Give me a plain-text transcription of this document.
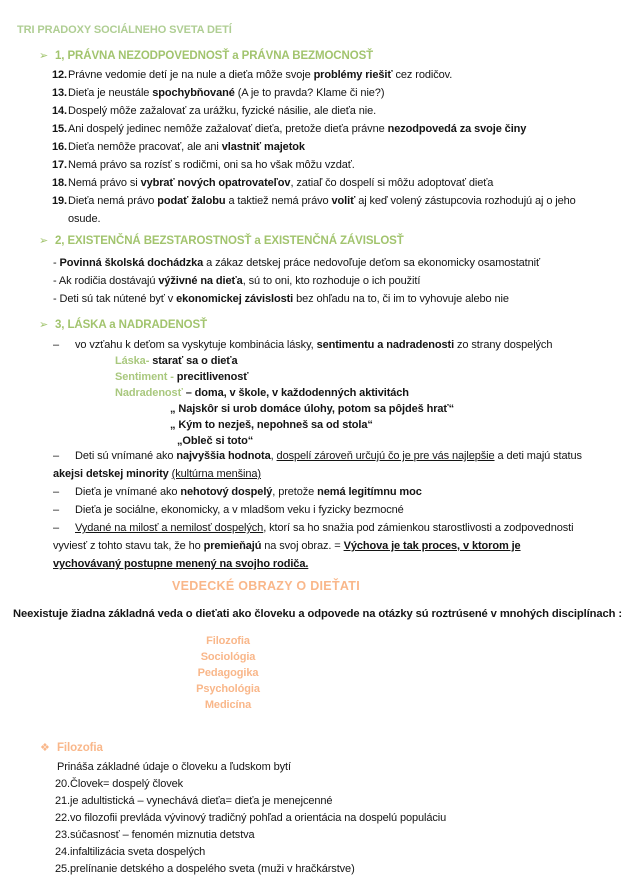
TRI PRADOXY SOCIÁLNEHO SVETA DETÍ
➢ 1, PRÁVNA NEZODPOVEDNOSŤ a PRÁVNA BEZMOCNOSŤ
12.Právne vedomie detí je na nule a dieťa môže svoje problémy riešiť cez rodičov.
13.Dieťa je neustále spochybňované (A je to pravda? Klame či nie?)
14.Dospelý môže zažalovať za urážku, fyzické násilie, ale dieťa nie.
15.Ani dospelý jedinec nemôže zažalovať dieťa, pretože dieťa právne nezodpovedá za svoje činy
16.Dieťa nemôže pracovať, ale ani vlastniť majetok
17.Nemá právo sa rozísť s rodičmi, oni sa ho však môžu vzdať.
18.Nemá právo si vybrať nových opatrovateľov, zatiaľ čo dospelí si môžu adoptovať dieťa
19.Dieťa nemá právo podať žalobu a taktiež nemá právo voliť aj keď volený zástupcovia rozhodujú aj o jeho
osude.
➢ 2, EXISTENČNÁ BEZSTAROSTNOSŤ a EXISTENČNÁ ZÁVISLOSŤ
- Povinná školská dochádzka a zákaz detskej práce nedovoľuje deťom sa ekonomicky osamostatniť
- Ak rodičia dostávajú výživné na dieťa, sú to oni, kto rozhoduje o ich použití
- Deti sú tak nútené byť v ekonomickej závislosti bez ohľadu na to, či im to vyhovuje alebo nie
➢ 3, LÁSKA a NADRADENOSŤ
– vo vzťahu k deťom sa vyskytuje kombinácia lásky, sentimentu a nadradenosti zo strany dospelých
Láska- starať sa o dieťa
Sentiment - precitlivenosť
Nadradenosť – doma, v škole, v každodenných aktivitách
„ Najskôr si urob domáce úlohy, potom sa pôjdeš hrať“
„ Kým to nezješ, nepohneš sa od stola“
„Obleč si toto“
– Deti sú vnímané ako najvyššia hodnota, dospelí zároveň určujú čo je pre vás najlepšie a deti majú status
akejsi detskej minority (kultúrna menšina)
– Dieťa je vnímané ako nehotový dospelý, pretože nemá legitímnu moc
– Dieťa je sociálne, ekonomicky, a v mladšom veku i fyzicky bezmocné
– Vydané na milosť a nemilosť dospelých, ktorí sa ho snažia pod zámienkou starostlivosti a zodpovednosti
vyviesť z tohto stavu tak, že ho premieňajú na svoj obraz. = Výchova je tak proces, v ktorom je
vychovávaný postupne menený na svojho rodiča.
VEDECKÉ OBRAZY O DIEŤATI
Neexistuje žiadna základná veda o dieťati ako človeku a odpovede na otázky sú roztrúsené v mnohých disciplínach :
Filozofia
Sociológia
Pedagogika
Psychológia
Medicína
❖ Filozofia
Prináša základné údaje o človeku a ľudskom bytí
20.Človek= dospelý človek
21.je adultistická – vynechává dieťa= dieťa je menejcenné
22.vo filozofii prevláda vývinový tradičný pohľad a orientácia na dospelú populáciu
23.súčasnosť – fenomén miznutia detstva
24.infaltilizácia sveta dospelých
25.prelínanie detského a dospelého sveta (muži v hračkárstve)
